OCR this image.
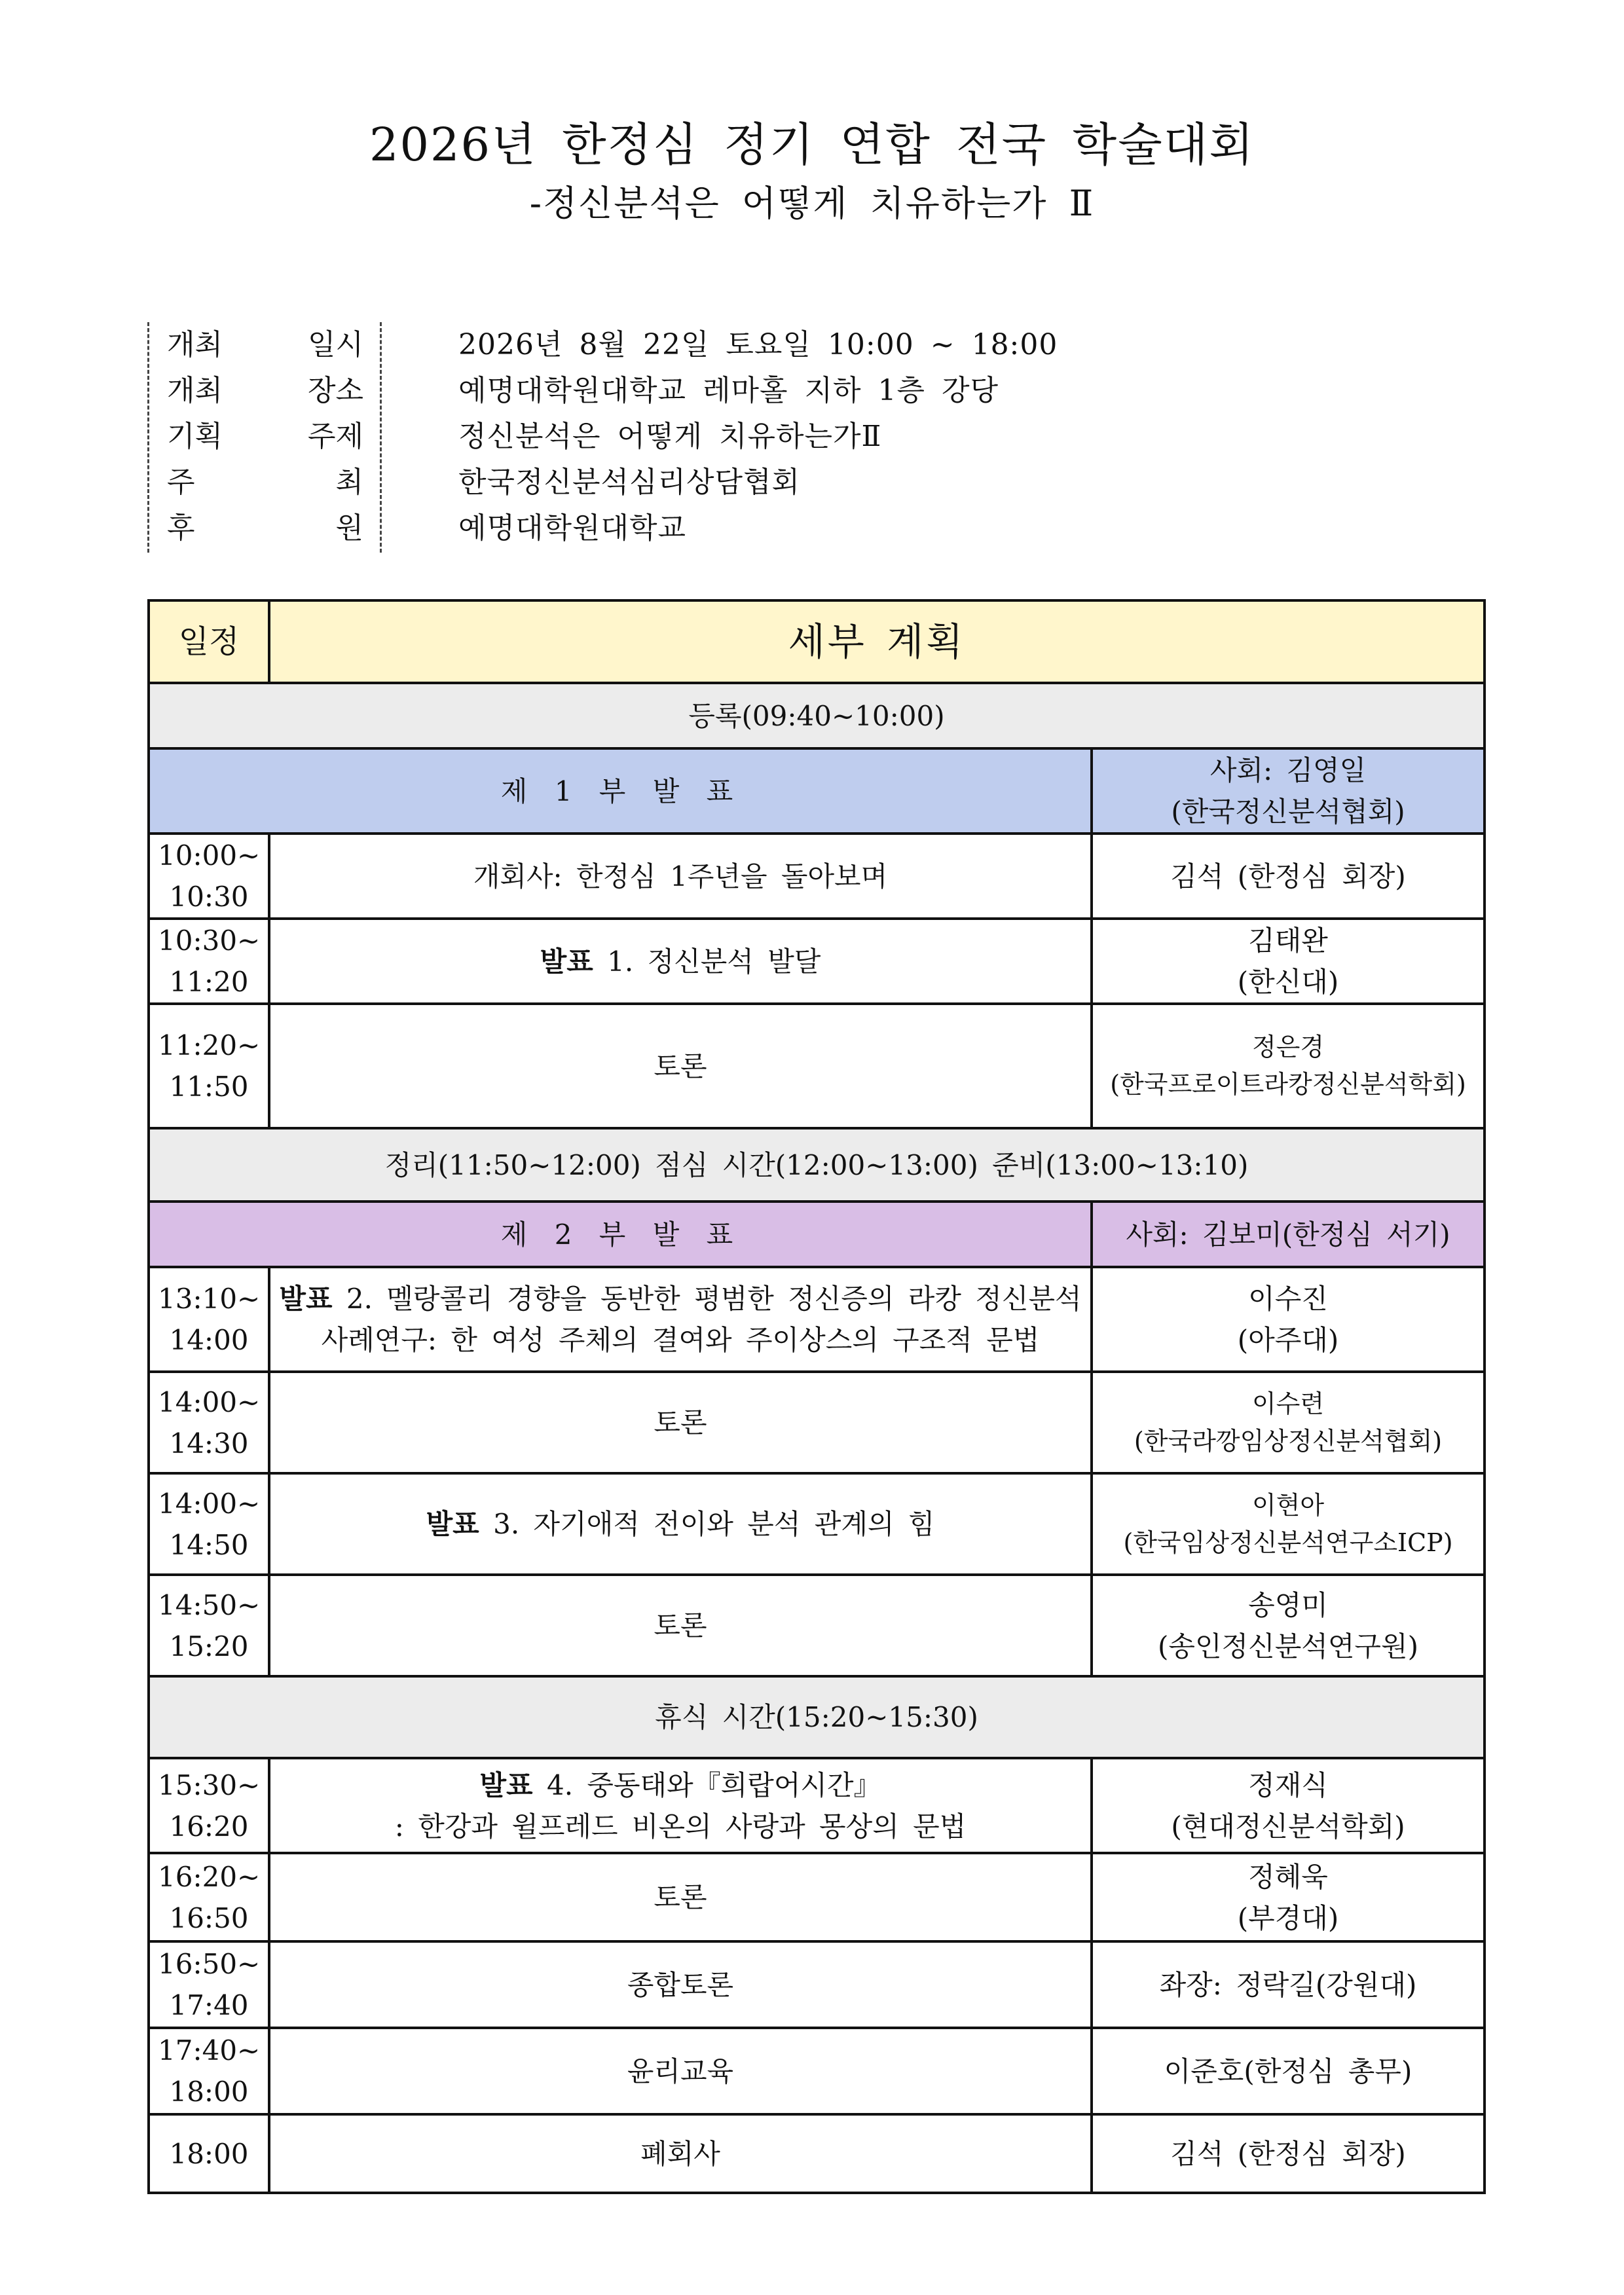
2026년 한정심 정기 연합 전국 학술대회
-정신분석은 어떻게 치유하는가 Ⅱ
개최	일시	2026년 8월 22일 토요일 10:00 ~ 18:00
개최	장소	예명대학원대학교 레마홀 지하 1층 강당
기획	주제	정신분석은 어떻게 치유하는가Ⅱ
주	최	한국정신분석심리상담협회
후	원	예명대학원대학교
일정	세부 계획	
등록(09:40~10:00)		
제 1 부 발 표		사회: 김영일
(한국정신분석협회)

10:00~
10:30	개회사: 한정심 1주년을 돌아보며	김석 (한정심 회장)

10:30~
11:20	발표 1. 정신분석 발달	김태완
(한신대)

11:20~
11:50	토론	정은경
(한국프로이트라캉정신분석학회)

정리(11:50~12:00) 점심 시간(12:00~13:00) 준비(13:00~13:10)		
제 2 부 발 표		사회: 김보미(한정심 서기)

13:10~
14:00	발표 2. 멜랑콜리 경향을 동반한 평범한 정신증의 라캉 정신분석
사례연구: 한 여성 주체의 결여와 주이상스의 구조적 문법	이수진
(아주대)

14:00~
14:30	토론	이수련
(한국라깡임상정신분석협회)

14:00~
14:50	발표 3. 자기애적 전이와 분석 관계의 힘	이현아
(한국임상정신분석연구소ICP)

14:50~
15:20	토론	송영미
(송인정신분석연구원)

휴식 시간(15:20~15:30)		

15:30~
16:20	발표 4. 중동태와『희랍어시간』
: 한강과 윌프레드 비온의 사랑과 몽상의 문법	정재식
(현대정신분석학회)

16:20~
16:50	토론	정혜욱
(부경대)

16:50~
17:40	종합토론	좌장: 정락길(강원대)

17:40~
18:00	윤리교육	이준호(한정심 총무)

18:00	폐회사	김석 (한정심 회장)
